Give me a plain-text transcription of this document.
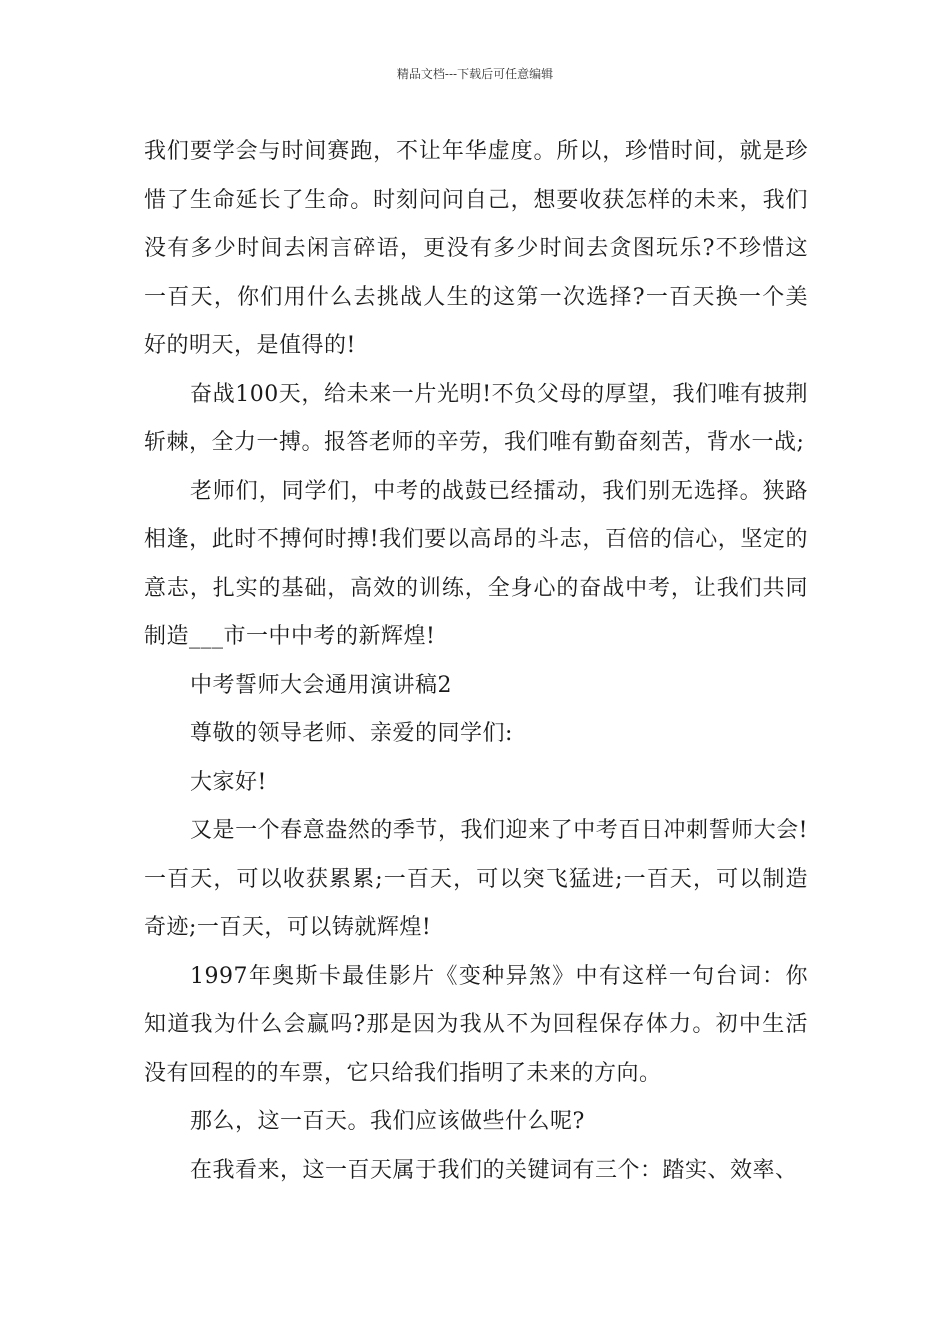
精品文档---下载后可任意编辑

我们要学会与时间赛跑，不让年华虚度。所以，珍惜时间，就是珍惜了生命延长了生命。时刻问问自己，想要收获怎样的未来，我们没有多少时间去闲言碎语，更没有多少时间去贪图玩乐?不珍惜这一百天，你们用什么去挑战人生的这第一次选择?一百天换一个美好的明天，是值得的!

奋战100天，给未来一片光明!不负父母的厚望，我们唯有披荆斩棘，全力一搏。报答老师的辛劳，我们唯有勤奋刻苦，背水一战;

老师们，同学们，中考的战鼓已经擂动，我们别无选择。狭路相逢，此时不搏何时搏!我们要以高昂的斗志，百倍的信心，坚定的意志，扎实的基础，高效的训练，全身心的奋战中考，让我们共同制造___市一中中考的新辉煌!

中考誓师大会通用演讲稿2

尊敬的领导老师、亲爱的同学们:

大家好!

又是一个春意盎然的季节，我们迎来了中考百日冲刺誓师大会!一百天，可以收获累累;一百天，可以突飞猛进;一百天，可以制造奇迹;一百天，可以铸就辉煌!

1997年奥斯卡最佳影片《变种异煞》中有这样一句台词：你知道我为什么会赢吗?那是因为我从不为回程保存体力。初中生活没有回程的的车票，它只给我们指明了未来的方向。

那么，这一百天。我们应该做些什么呢?

在我看来，这一百天属于我们的关键词有三个：踏实、效率、
